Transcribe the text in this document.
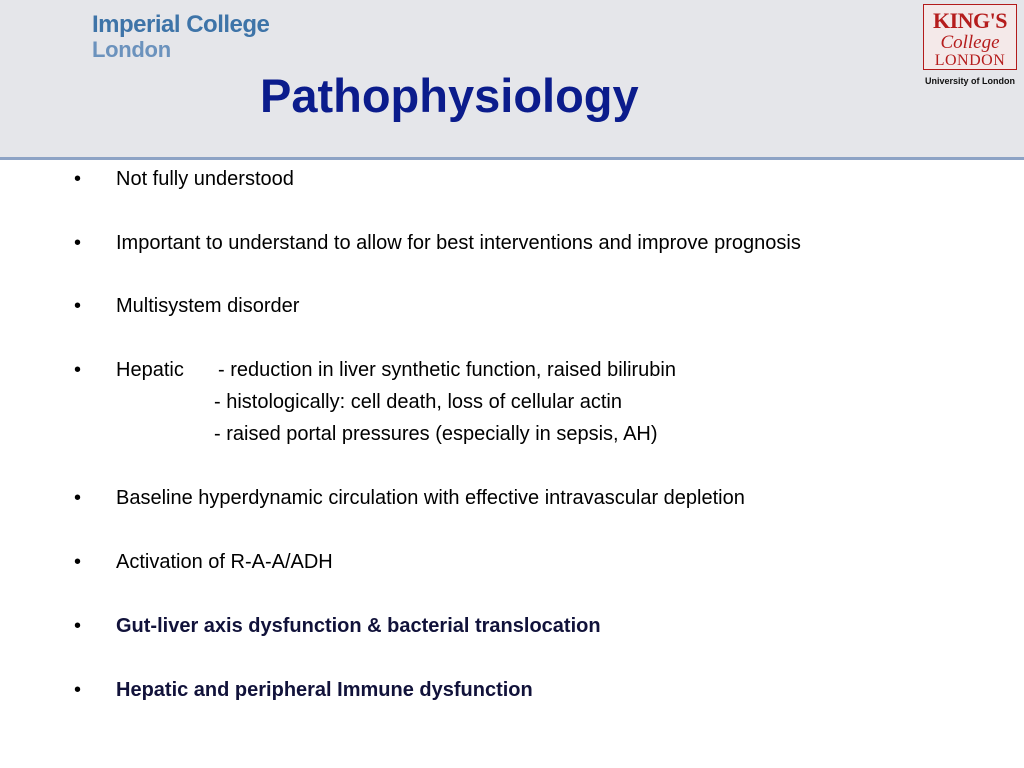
Imperial College
London
Pathophysiology
KING'S
College
LONDON
University of London
• Not fully understood
• Important to understand to allow for best interventions and improve prognosis
• Multisystem disorder
• Hepatic - reduction in liver synthetic function, raised bilirubin
- histologically: cell death, loss of cellular actin
- raised portal pressures (especially in sepsis, AH)
• Baseline hyperdynamic circulation with effective intravascular depletion
• Activation of R-A-A/ADH
• Gut-liver axis dysfunction & bacterial translocation
• Hepatic and peripheral Immune dysfunction
